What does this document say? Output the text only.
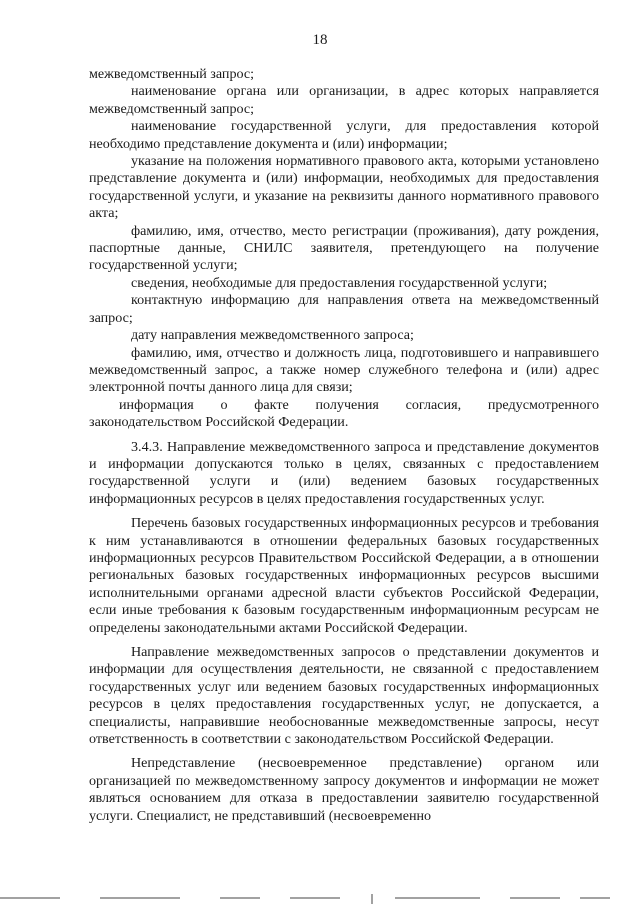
18

межведомственный запрос;

наименование органа или организации, в адрес которых направляется межведомственный запрос;

наименование государственной услуги, для предоставления которой необходимо представление документа и (или) информации;

указание на положения нормативного правового акта, которыми установлено представление документа и (или) информации, необходимых для предоставления государственной услуги, и указание на реквизиты данного нормативного правового акта;

фамилию, имя, отчество, место регистрации (проживания), дату рождения, паспортные данные, СНИЛС заявителя, претендующего на получение государственной услуги;

сведения, необходимые для предоставления государственной услуги;

контактную информацию для направления ответа на межведомственный запрос;

дату направления межведомственного запроса;

фамилию, имя, отчество и должность лица, подготовившего и направившего межведомственный запрос, а также номер служебного телефона и (или) адрес электронной почты данного лица для связи;

информация о факте получения согласия, предусмотренного законодательством Российской Федерации.

3.4.3. Направление межведомственного запроса и представление документов и информации допускаются только в целях, связанных с предоставлением государственной услуги и (или) ведением базовых государственных информационных ресурсов в целях предоставления государственных услуг.

Перечень базовых государственных информационных ресурсов и требования к ним устанавливаются в отношении федеральных базовых государственных информационных ресурсов Правительством Российской Федерации, а в отношении региональных базовых государственных информационных ресурсов высшими исполнительными органами адресной власти субъектов Российской Федерации, если иные требования к базовым государственным информационным ресурсам не определены законодательными актами Российской Федерации.

Направление межведомственных запросов о представлении документов и информации для осуществления деятельности, не связанной с предоставлением государственных услуг или ведением базовых государственных информационных ресурсов в целях предоставления государственных услуг, не допускается, а специалисты, направившие необоснованные межведомственные запросы, несут ответственность в соответствии с законодательством Российской Федерации.

Непредставление (несвоевременное представление) органом или организацией по межведомственному запросу документов и информации не может являться основанием для отказа в предоставлении заявителю государственной услуги. Специалист, не представивший (несвоевременно
